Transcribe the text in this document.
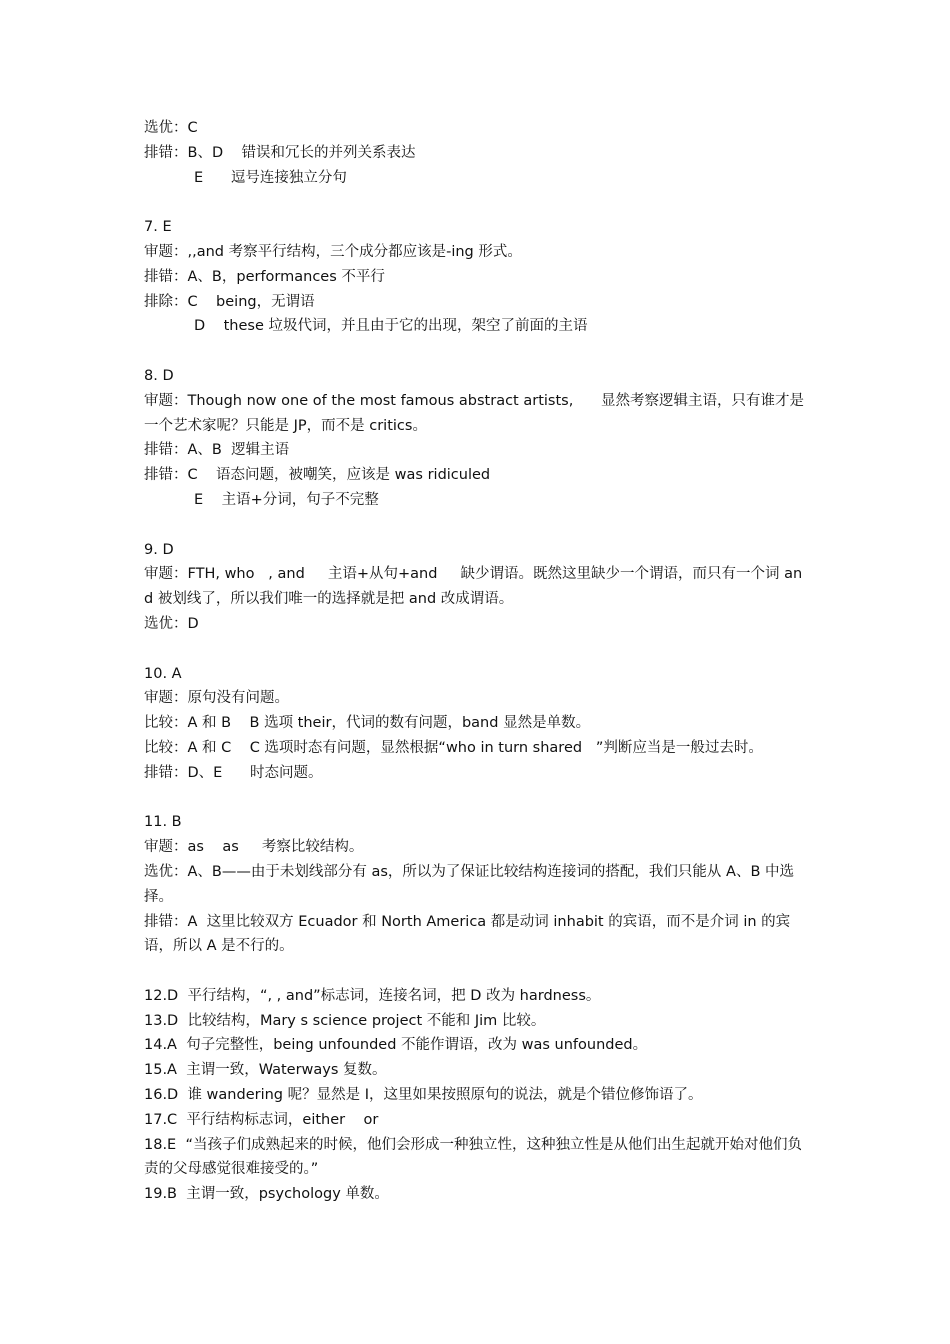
选优：C
排错：B、D    错误和冗长的并列关系表达
E      逗号连接独立分句
7. E
审题：,,and 考察平行结构，三个成分都应该是-ing 形式。
排错：A、B，performances 不平行
排除：C    being，无谓语
D    these 垃圾代词，并且由于它的出现，架空了前面的主语
8. D
审题：Though now one of the most famous abstract artists,      显然考察逻辑主语，只有谁才是一个艺术家呢？只能是 JP，而不是 critics。
排错：A、B  逻辑主语
排错：C    语态问题，被嘲笑，应该是 was ridiculed
E    主语+分词，句子不完整
9. D
审题：FTH, who   , and     主语+从句+and     缺少谓语。既然这里缺少一个谓语，而只有一个词 and 被划线了，所以我们唯一的选择就是把 and 改成谓语。
选优：D
10. A
审题：原句没有问题。
比较：A 和 B    B 选项 their，代词的数有问题，band 显然是单数。
比较：A 和 C    C 选项时态有问题，显然根据“who in turn shared   ”判断应当是一般过去时。
排错：D、E      时态问题。
11. B
审题：as    as     考察比较结构。
选优：A、B——由于未划线部分有 as，所以为了保证比较结构连接词的搭配，我们只能从 A、B 中选择。
排错：A  这里比较双方 Ecuador 和 North America 都是动词 inhabit 的宾语，而不是介词 in 的宾语，所以 A 是不行的。
12.D  平行结构，“, , and”标志词，连接名词，把 D 改为 hardness。
13.D  比较结构，Mary s science project 不能和 Jim 比较。
14.A  句子完整性，being unfounded 不能作谓语，改为 was unfounded。
15.A  主谓一致，Waterways 复数。
16.D  谁 wandering 呢？显然是 I，这里如果按照原句的说法，就是个错位修饰语了。
17.C  平行结构标志词，either    or
18.E  “当孩子们成熟起来的时候，他们会形成一种独立性，这种独立性是从他们出生起就开始对他们负责的父母感觉很难接受的。”
19.B  主谓一致，psychology 单数。
